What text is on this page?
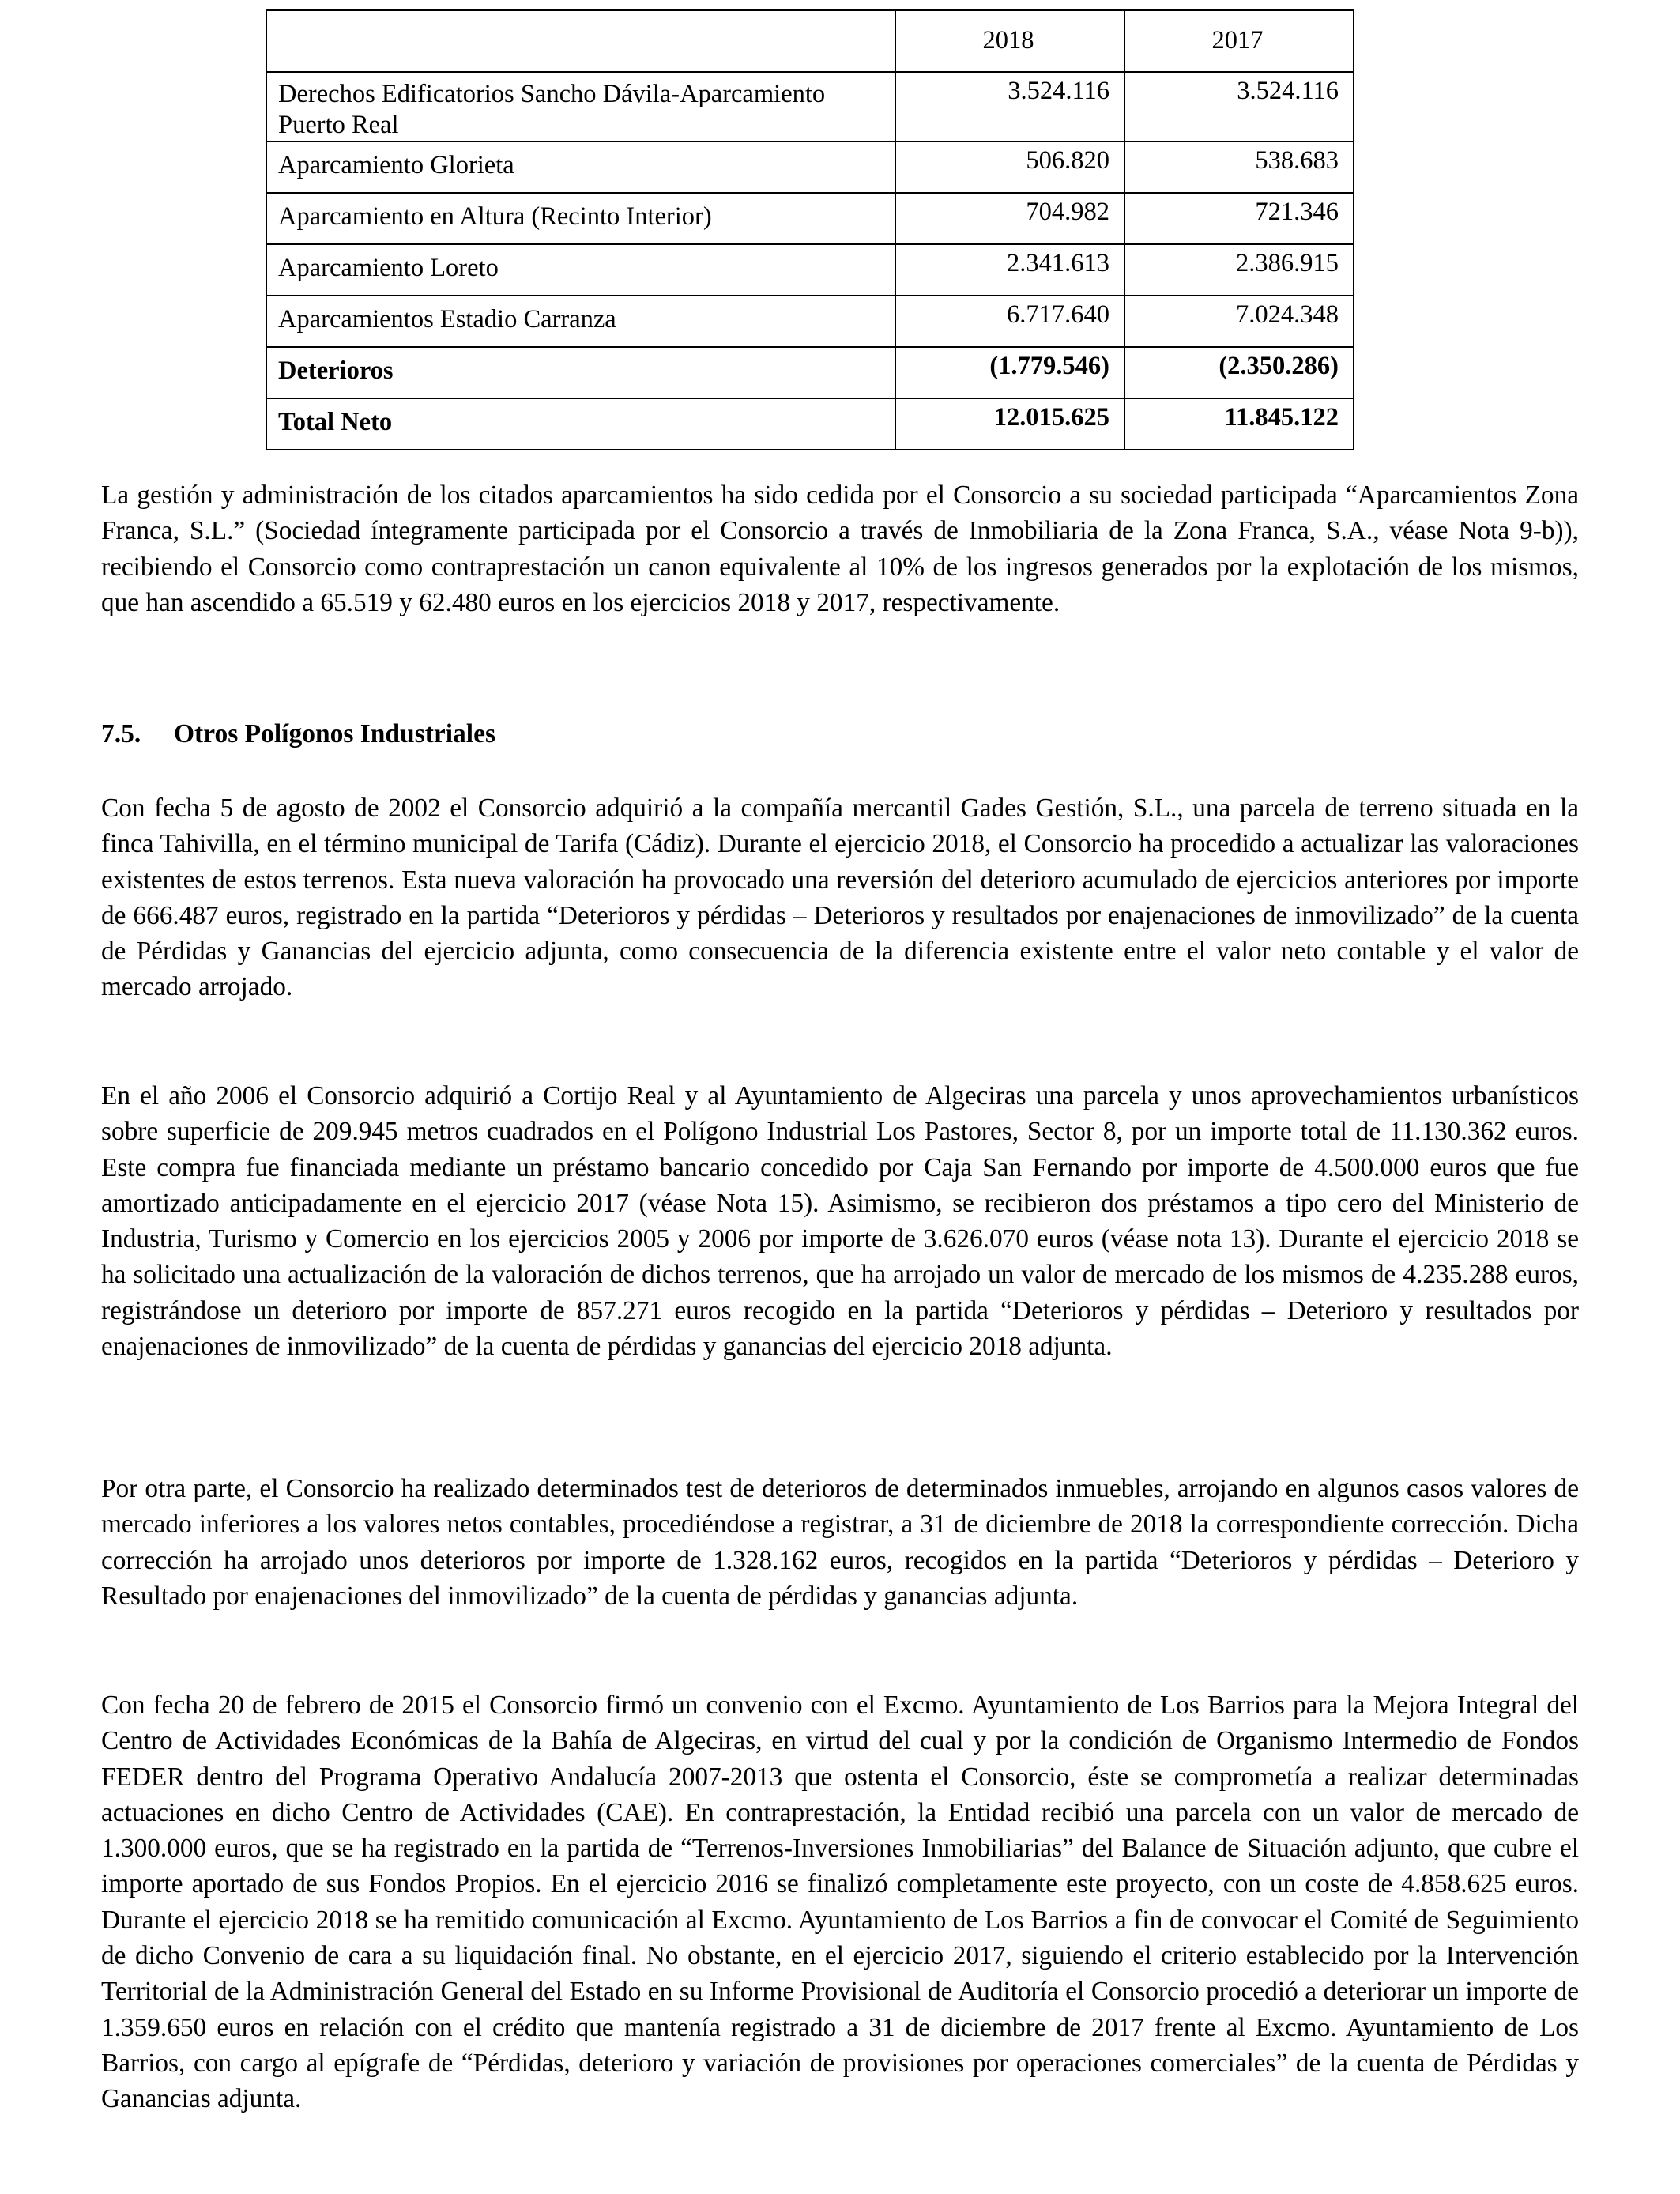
	2018	2017
Derechos Edificatorios Sancho Dávila-Aparcamiento Puerto Real	3.524.116	3.524.116
Aparcamiento Glorieta	506.820	538.683
Aparcamiento en Altura (Recinto Interior)	704.982	721.346
Aparcamiento Loreto	2.341.613	2.386.915
Aparcamientos Estadio Carranza	6.717.640	7.024.348
Deterioros	(1.779.546)	(2.350.286)
Total Neto	12.015.625	11.845.122

La gestión y administración de los citados aparcamientos ha sido cedida por el Consorcio a su sociedad participada “Aparcamientos Zona Franca, S.L.” (Sociedad íntegramente participada por el Consorcio a través de Inmobiliaria de la Zona Franca, S.A., véase Nota 9-b)), recibiendo el Consorcio como contraprestación un canon equivalente al 10% de los ingresos generados por la explotación de los mismos, que han ascendido a 65.519 y 62.480 euros en los ejercicios 2018 y 2017, respectivamente.

7.5. Otros Polígonos Industriales

Con fecha 5 de agosto de 2002 el Consorcio adquirió a la compañía mercantil Gades Gestión, S.L., una parcela de terreno situada en la finca Tahivilla, en el término municipal de Tarifa (Cádiz). Durante el ejercicio 2018, el Consorcio ha procedido a actualizar las valoraciones existentes de estos terrenos. Esta nueva valoración ha provocado una reversión del deterioro acumulado de ejercicios anteriores por importe de 666.487 euros, registrado en la partida “Deterioros y pérdidas – Deterioros y resultados por enajenaciones de inmovilizado” de la cuenta de Pérdidas y Ganancias del ejercicio adjunta, como consecuencia de la diferencia existente entre el valor neto contable y el valor de mercado arrojado.

En el año 2006 el Consorcio adquirió a Cortijo Real y al Ayuntamiento de Algeciras una parcela y unos aprovechamientos urbanísticos sobre superficie de 209.945 metros cuadrados en el Polígono Industrial Los Pastores, Sector 8, por un importe total de 11.130.362 euros. Este compra fue financiada mediante un préstamo bancario concedido por Caja San Fernando por importe de 4.500.000 euros que fue amortizado anticipadamente en el ejercicio 2017 (véase Nota 15). Asimismo, se recibieron dos préstamos a tipo cero del Ministerio de Industria, Turismo y Comercio en los ejercicios 2005 y 2006 por importe de 3.626.070 euros (véase nota 13). Durante el ejercicio 2018 se ha solicitado una actualización de la valoración de dichos terrenos, que ha arrojado un valor de mercado de los mismos de 4.235.288 euros, registrándose un deterioro por importe de 857.271 euros recogido en la partida “Deterioros y pérdidas – Deterioro y resultados por enajenaciones de inmovilizado” de la cuenta de pérdidas y ganancias del ejercicio 2018 adjunta.

Por otra parte, el Consorcio ha realizado determinados test de deterioros de determinados inmuebles, arrojando en algunos casos valores de mercado inferiores a los valores netos contables, procediéndose a registrar, a 31 de diciembre de 2018 la correspondiente corrección. Dicha corrección ha arrojado unos deterioros por importe de 1.328.162 euros, recogidos en la partida “Deterioros y pérdidas – Deterioro y Resultado por enajenaciones del inmovilizado” de la cuenta de pérdidas y ganancias adjunta.

Con fecha 20 de febrero de 2015 el Consorcio firmó un convenio con el Excmo. Ayuntamiento de Los Barrios para la Mejora Integral del Centro de Actividades Económicas de la Bahía de Algeciras, en virtud del cual y por la condición de Organismo Intermedio de Fondos FEDER dentro del Programa Operativo Andalucía 2007-2013 que ostenta el Consorcio, éste se comprometía a realizar determinadas actuaciones en dicho Centro de Actividades (CAE). En contraprestación, la Entidad recibió una parcela con un valor de mercado de 1.300.000 euros, que se ha registrado en la partida de “Terrenos-Inversiones Inmobiliarias” del Balance de Situación adjunto, que cubre el importe aportado de sus Fondos Propios. En el ejercicio 2016 se finalizó completamente este proyecto, con un coste de 4.858.625 euros. Durante el ejercicio 2018 se ha remitido comunicación al Excmo. Ayuntamiento de Los Barrios a fin de convocar el Comité de Seguimiento de dicho Convenio de cara a su liquidación final. No obstante, en el ejercicio 2017, siguiendo el criterio establecido por la Intervención Territorial de la Administración General del Estado en su Informe Provisional de Auditoría el Consorcio procedió a deteriorar un importe de 1.359.650 euros en relación con el crédito que mantenía registrado a 31 de diciembre de 2017 frente al Excmo. Ayuntamiento de Los Barrios, con cargo al epígrafe de “Pérdidas, deterioro y variación de provisiones por operaciones comerciales” de la cuenta de Pérdidas y Ganancias adjunta.
